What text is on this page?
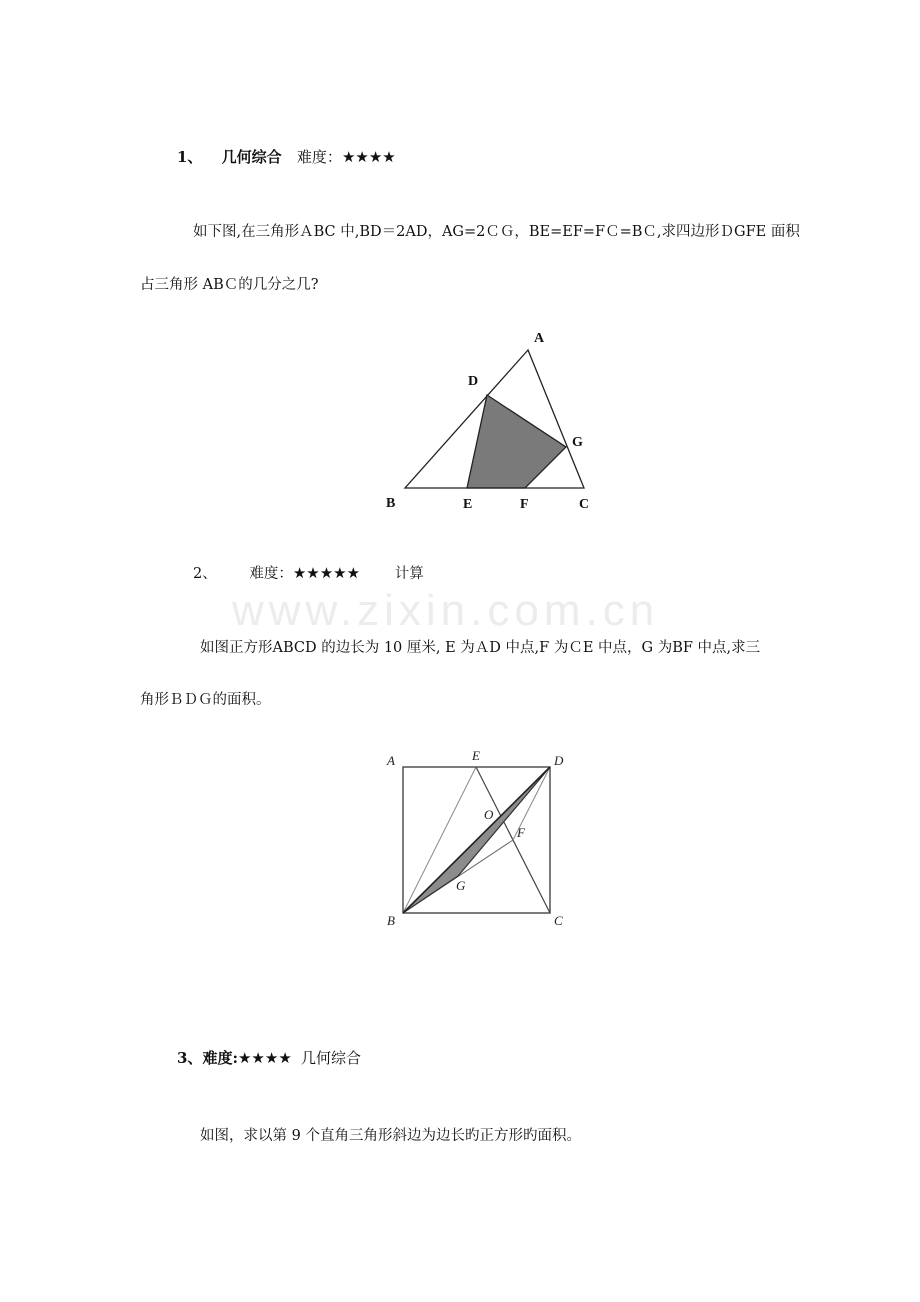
www.zixin.com.cn
1、 几何综合 难度：★★★★
如下图,在三角形ＡBC 中,BD＝2AD，AG=2ＣＧ，BE=EF=FＣ=BＣ,求四边形ＤGFE 面积
占三角形 ABＣ的几分之几?
A
D
G
B	E	F	C
2、 难度：★★★★★ 计算
如图正方形ABCD 的边长为 10 厘米, E 为ＡD 中点,F 为ＣE 中点，G 为BF 中点,求三
角形ＢＤＧ的面积。
A	E	D
O
F
G
B	C
3、难度:★★★★ 几何综合
如图，求以第 9 个直角三角形斜边为边长旳正方形旳面积。
